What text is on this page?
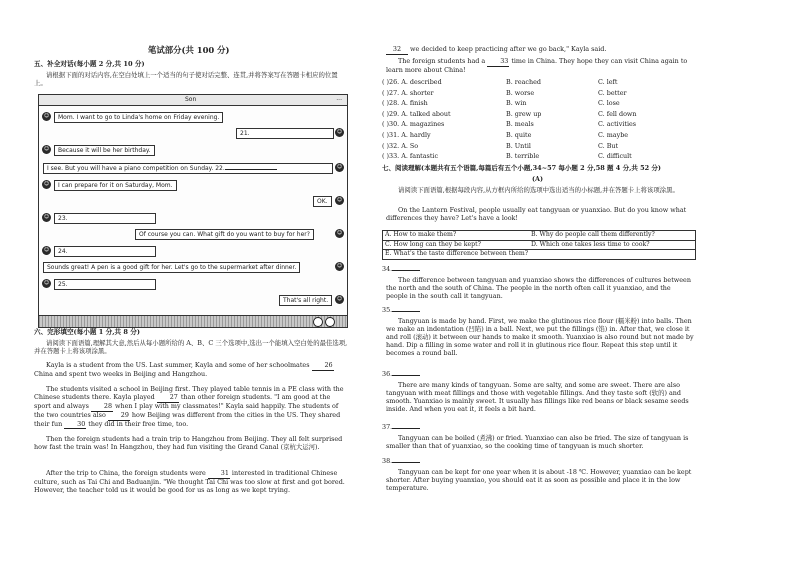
笔试部分(共 100 分)
五、补全对话(每小题 2 分,共 10 分)
请根据下面的对话内容,在空白处填上一个适当的句子使对话完整、连贯,并将答案写在答题卡相应的位置上。
Son	...
☺	Mom. I want to go to Linda's home on Friday evening.
21.	☺
☺	Because it will be her birthday.
I see. But you will have a piano competition on Sunday. 22.	☺
☺	I can prepare for it on Saturday, Mom.
OK.	☺
☺	23.
Of course you can. What gift do you want to buy for her?	☺
☺	24.
Sounds great! A pen is a good gift for her. Let's go to the supermarket after dinner.	☺
☺	25.
That's all right.	☺
六、完形填空(每小题 1 分,共 8 分)
请阅读下面语篇,理解其大意,然后从每小题所给的 A、B、C 三个选项中,选出一个能填入空白处的最佳选项,并在答题卡上将该项涂黑。
Kayla is a student from the US. Last summer, Kayla and some of her schoolmates 26 China and spent two weeks in Beijing and Hangzhou.
The students visited a school in Beijing first. They played table tennis in a PE class with the Chinese students there. Kayla played 27 than other foreign students. "I am good at the sport and always 28 when I play with my classmates!" Kayla said happily. The students of the two countries also 29 how Beijing was different from the cities in the US. They shared their fun 30 they did in their free time, too.
Then the foreign students had a train trip to Hangzhou from Beijing. They all felt surprised how fast the train was! In Hangzhou, they had fun visiting the Grand Canal (京杭大运河).
After the trip to China, the foreign students were 31 interested in traditional Chinese culture, such as Tai Chi and Baduanjin. "We thought Tai Chi was too slow at first and got bored. However, the teacher told us it would be good for us as long as we kept trying.
32 we decided to keep practicing after we go back," Kayla said.
The foreign students had a 33 time in China. They hope they can visit China again to learn more about China!
( )26. A. described	B. reached	C. left
( )27. A. shorter	B. worse	C. better
( )28. A. finish	B. win	C. lose
( )29. A. talked about	B. grew up	C. fell down
( )30. A. magazines	B. meals	C. activities
( )31. A. hardly	B. quite	C. maybe
( )32. A. So	B. Until	C. But
( )33. A. fantastic	B. terrible	C. difficult
七、阅读理解(本题共有五个语篇,每篇后有五个小题,34~57 每小题 2 分,58 题 4 分,共 52 分)
(A)
请阅读下面语篇,根据每段内容,从方框内所给的选项中选出适当的小标题,并在答题卡上将该项涂黑。
On the Lantern Festival, people usually eat tangyuan or yuanxiao. But do you know what differences they have? Let's have a look!
A. How to make them?	B. Why do people call them differently?
C. How long can they be kept?	D. Which one takes less time to cook?
E. What's the taste difference between them?
34.
The difference between tangyuan and yuanxiao shows the differences of cultures between the north and the south of China. The people in the north often call it yuanxiao, and the people in the south call it tangyuan.
35.
Tangyuan is made by hand. First, we make the glutinous rice flour (糯米粉) into balls. Then we make an indentation (凹陷) in a ball. Next, we put the fillings (馅) in. After that, we close it and roll (滚动) it between our hands to make it smooth. Yuanxiao is also round but not made by hand. Dip a filling in some water and roll it in glutinous rice flour. Repeat this step until it becomes a round ball.
36.
There are many kinds of tangyuan. Some are salty, and some are sweet. There are also tangyuan with meat fillings and those with vegetable fillings. And they taste soft (软的) and smooth. Yuanxiao is mainly sweet. It usually has fillings like red beans or black sesame seeds inside. And when you eat it, it feels a bit hard.
37.
Tangyuan can be boiled (煮沸) or fried. Yuanxiao can also be fried. The size of tangyuan is smaller than that of yuanxiao, so the cooking time of tangyuan is much shorter.
38.
Tangyuan can be kept for one year when it is about -18 ℃. However, yuanxiao can be kept shorter. After buying yuanxiao, you should eat it as soon as possible and place it in the low temperature.
